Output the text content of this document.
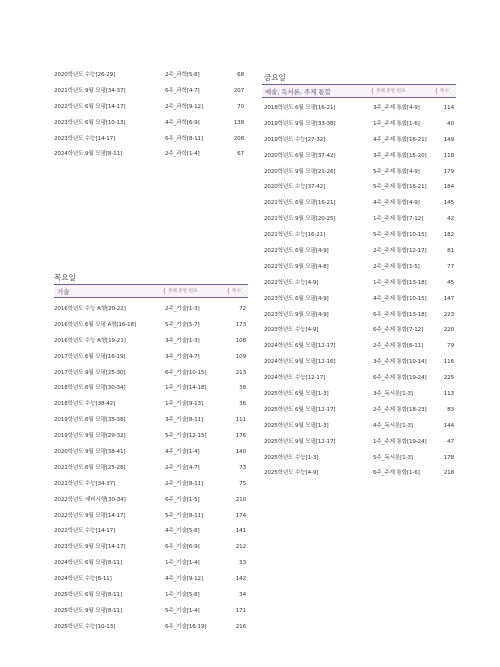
2020학년도 수능[26-29]	2주_과학[5-8]	68
2021학년도 9월 모평[34-37]	6주_과학[4-7]	207
2022학년도 6월 모평[14-17]	2주_과학[9-12]	70
2023학년도 6월 모평[10-13]	4주_과학[6-9]	138
2023학년도 수능[14-17]	6주_과학[8-11]	208
2024학년도 9월 모평[8-11]	2주_과학[1-4]	67
목요일
기술	본책 문항 번호	쪽수
2016학년도 수능 A형[20-22]	2주_기술[1-3]	72
2016학년도 6월 모평 A형[16-18]	5주_기술[5-7]	173
2016학년도 수능 A형[19-21]	3주_기술[1-3]	108
2017학년도 6월 모평[16-19]	3주_기술[4-7]	109
2017학년도 9월 모평[25-30]	6주_기술[10-15]	213
2018학년도 6월 모평[30-34]	1주_기술[14-18]	38
2018학년도 수능[38-42]	1주_기술[9-13]	36
2019학년도 6월 모평[35-38]	3주_기술[8-11]	111
2019학년도 9월 모평[29-32]	5주_기술[12-15]	176
2020학년도 9월 모평[38-41]	4주_기술[1-4]	140
2021학년도 6월 모평[25-28]	2주_기술[4-7]	73
2021학년도 수능[34-37]	2주_기술[8-11]	75
2022학년도 예비시행[30-34]	6주_기술[1-5]	210
2022학년도 9월 모평[14-17]	5주_기술[8-11]	174
2022학년도 수능[14-17]	4주_기술[5-8]	141
2023학년도 9월 모평[14-17]	6주_기술[6-9]	212
2024학년도 6월 모평[8-11]	1주_기술[1-4]	33
2024학년도 수능[8-11]	4주_기술[9-12]	142
2025학년도 6월 모평[8-11]	1주_기술[5-8]	34
2025학년도 9월 모평[8-11]	5주_기술[1-4]	171
2025학년도 수능[10-13]	6주_기술[16-19]	216
금요일
예술, 독서론, 주제 통합	본책 문항 번호	쪽수
2018학년도 6월 모평[16-21]	3주_주제 통합[4-9]	114
2019학년도 9월 모평[33-38]	1주_주제 통합[1-6]	40
2019학년도 수능[27-32]	4주_주제 통합[16-21]	149
2020학년도 6월 모평[37-42]	3주_주제 통합[15-20]	118
2020학년도 9월 모평[21-26]	5주_주제 통합[4-9]	179
2020학년도 수능[37-42]	5주_주제 통합[16-21]	184
2021학년도 6월 모평[16-21]	4주_주제 통합[4-9]	145
2021학년도 9월 모평[20-25]	1주_주제 통합[7-12]	42
2021학년도 수능[16-21]	5주_주제 통합[10-15]	182
2022학년도 6월 모평[4-9]	2주_주제 통합[12-17]	81
2022학년도 9월 모평[4-8]	2주_주제 통합[1-5]	77
2022학년도 수능[4-9]	1주_주제 통합[13-18]	45
2023학년도 6월 모평[4-9]	4주_주제 통합[10-15]	147
2023학년도 9월 모평[4-9]	6주_주제 통합[13-18]	223
2023학년도 수능[4-9]	6주_주제 통합[7-12]	220
2024학년도 6월 모평[12-17]	2주_주제 통합[6-11]	79
2024학년도 9월 모평[12-16]	3주_주제 통합[10-14]	116
2024학년도 수능[12-17]	6주_주제 통합[19-24]	225
2025학년도 6월 모평[1-3]	3주_독서론[1-3]	113
2025학년도 6월 모평[12-17]	2주_주제 통합[18-23]	83
2025학년도 9월 모평[1-3]	4주_독서론[1-3]	144
2025학년도 9월 모평[12-17]	1주_주제 통합[19-24]	47
2025학년도 수능[1-3]	5주_독서론[1-3]	178
2025학년도 수능[4-9]	6주_주제 통합[1-6]	218
